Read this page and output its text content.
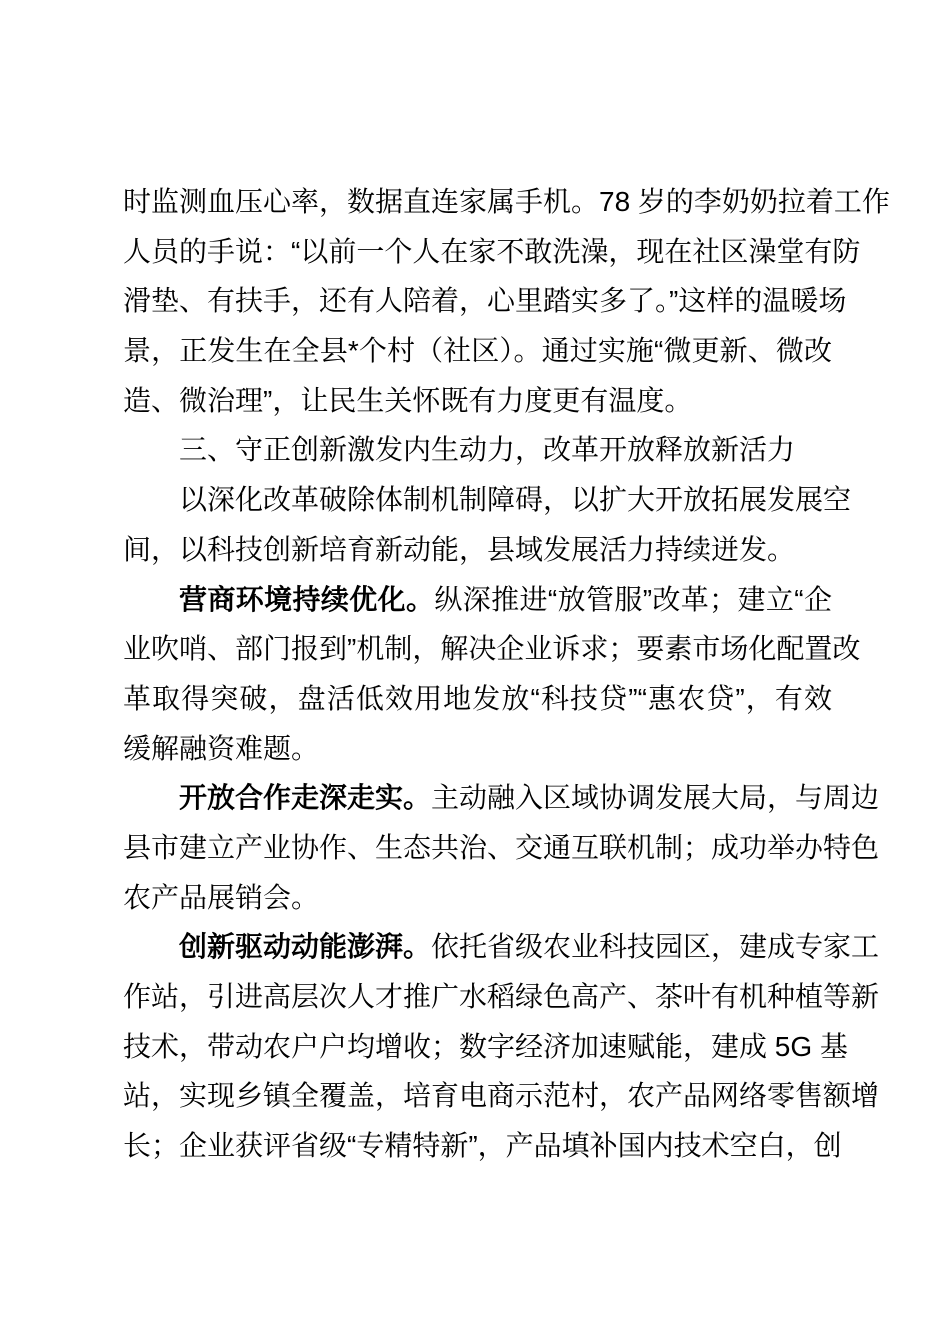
时监测血压心率，数据直连家属手机。78 岁的李奶奶拉着工作
人员的手说：“以前一个人在家不敢洗澡，现在社区澡堂有防
滑垫、有扶手，还有人陪着，心里踏实多了。”这样的温暖场
景，正发生在全县*个村（社区）。通过实施“微更新、微改
造、微治理”，让民生关怀既有力度更有温度。
三、守正创新激发内生动力，改革开放释放新活力
以深化改革破除体制机制障碍，以扩大开放拓展发展空
间，以科技创新培育新动能，县域发展活力持续迸发。
营商环境持续优化。纵深推进“放管服”改革；建立“企
业吹哨、部门报到”机制，解决企业诉求；要素市场化配置改
革取得突破，盘活低效用地发放“科技贷”“惠农贷”，有效
缓解融资难题。
开放合作走深走实。主动融入区域协调发展大局，与周边
县市建立产业协作、生态共治、交通互联机制；成功举办特色
农产品展销会。
创新驱动动能澎湃。依托省级农业科技园区，建成专家工
作站，引进高层次人才推广水稻绿色高产、茶叶有机种植等新
技术，带动农户户均增收；数字经济加速赋能，建成 5G 基
站，实现乡镇全覆盖，培育电商示范村，农产品网络零售额增
长；企业获评省级“专精特新”，产品填补国内技术空白，创
